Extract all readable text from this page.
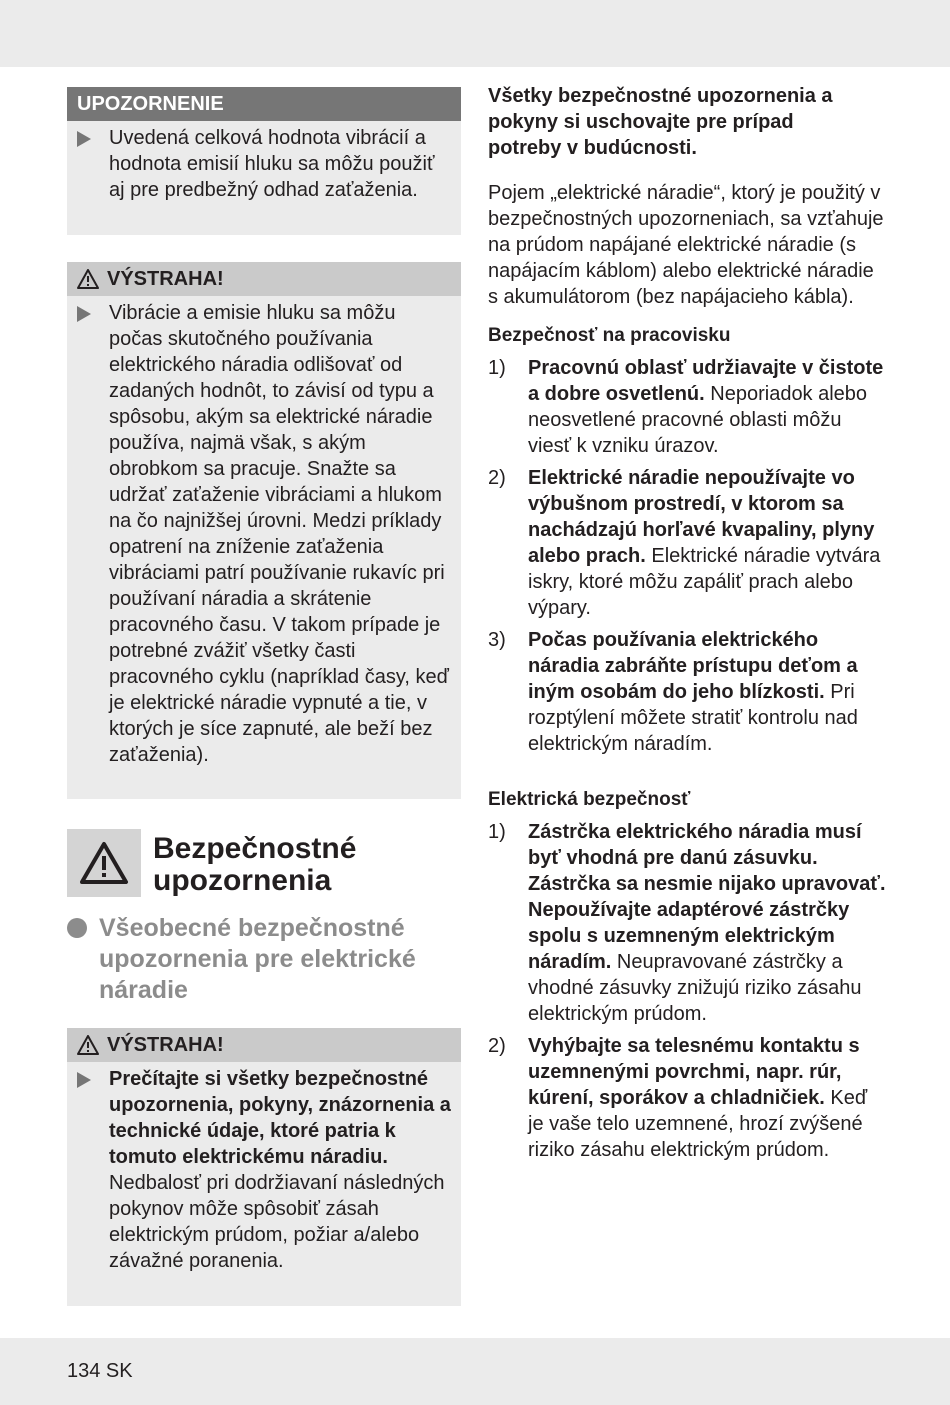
UPOZORNENIE

Uvedená celková hodnota vibrácií a hodnota emisií hluku sa môžu použiť aj pre predbežný odhad zaťaženia.

VÝSTRAHA!

Vibrácie a emisie hluku sa môžu počas skutočného používania elektrického náradia odlišovať od zadaných hodnôt, to závisí od typu a spôsobu, akým sa elektrické náradie používa, najmä však, s akým obrobkom sa pracuje. Snažte sa udržať zaťaženie vibráciami a hlukom na čo najnižšej úrovni. Medzi príklady opatrení na zníženie zaťaženia vibráciami patrí používanie rukavíc pri používaní náradia a skrátenie pracovného času. V takom prípade je potrebné zvážiť všetky časti pracovného cyklu (napríklad časy, keď je elektrické náradie vypnuté a tie, v ktorých je síce zapnuté, ale beží bez zaťaženia).

Bezpečnostné upozornenia
Všeobecné bezpečnostné upozornenia pre elektrické náradie
VÝSTRAHA!

Prečítajte si všetky bezpečnostné upozornenia, pokyny, znázornenia a technické údaje, ktoré patria k tomuto elektrickému náradiu. Nedbalosť pri dodržiavaní následných pokynov môže spôsobiť zásah elektrickým prúdom, požiar a/alebo závažné poranenia.

Všetky bezpečnostné upozornenia a pokyny si uschovajte pre prípad potreby v budúcnosti.

Pojem „elektrické náradie“, ktorý je použitý v bezpečnostných upozorneniach, sa vzťahuje na prúdom napájané elektrické náradie (s napájacím káblom) alebo elektrické náradie s akumulátorom (bez napájacieho kábla).

Bezpečnosť na pracovisku

1)	Pracovnú oblasť udržiavajte v čistote a dobre osvetlenú. Neporiadok alebo neosvetlené pracovné oblasti môžu viesť k vzniku úrazov.
2)	Elektrické náradie nepoužívajte vo výbušnom prostredí, v ktorom sa nachádzajú horľavé kvapaliny, plyny alebo prach. Elektrické náradie vytvára iskry, ktoré môžu zapáliť prach alebo výpary.
3)	Počas používania elektrického náradia zabráňte prístupu deťom a iným osobám do jeho blízkosti. Pri rozptýlení môžete stratiť kontrolu nad elektrickým náradím.

Elektrická bezpečnosť

1)	Zástrčka elektrického náradia musí byť vhodná pre danú zásuvku. Zástrčka sa nesmie nijako upravovať. Nepoužívajte adaptérové zástrčky spolu s uzemneným elektrickým náradím. Neupravované zástrčky a vhodné zásuvky znižujú riziko zásahu elektrickým prúdom.
2)	Vyhýbajte sa telesnému kontaktu s uzemnenými povrchmi, napr. rúr, kúrení, sporákov a chladničiek. Keď je vaše telo uzemnené, hrozí zvýšené riziko zásahu elektrickým prúdom.
134 SK
